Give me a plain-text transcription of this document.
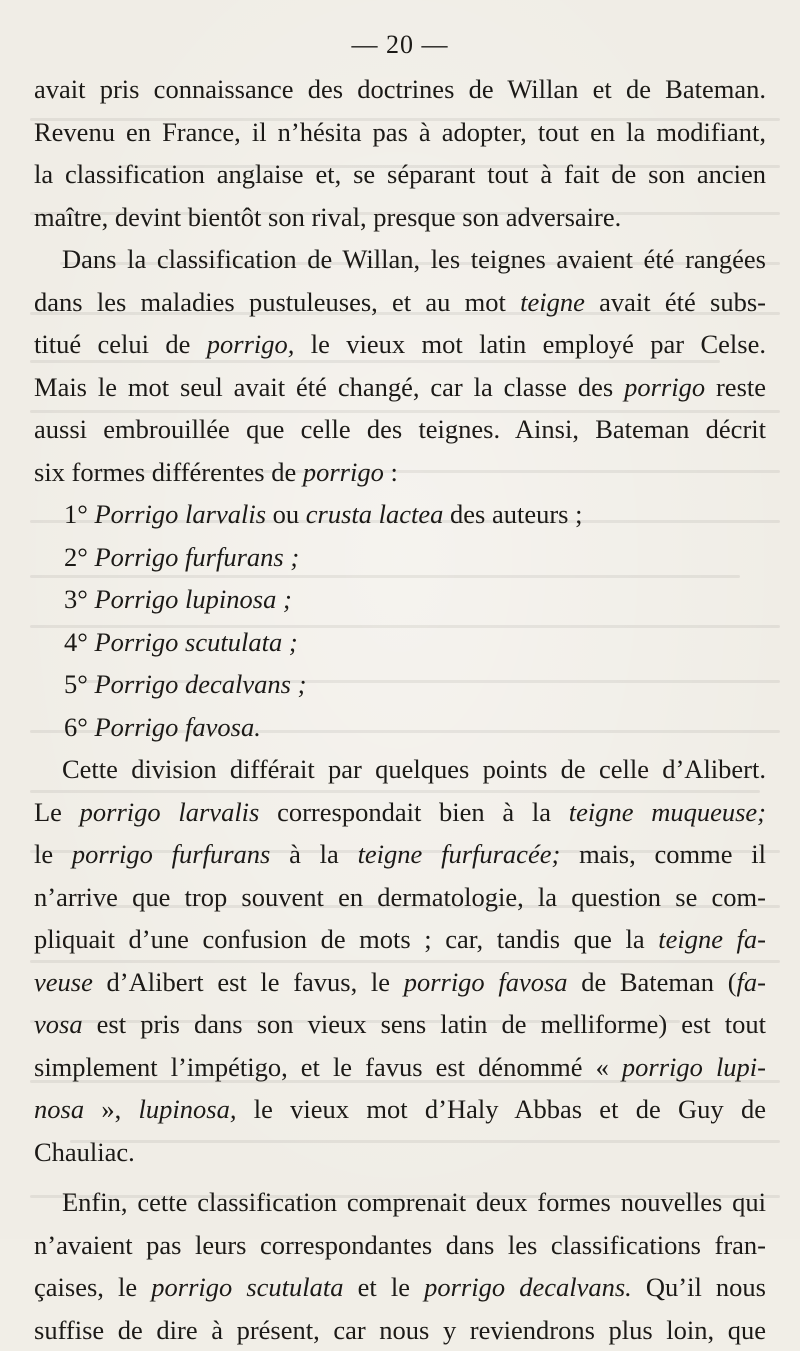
— 20 —
avait pris connaissance des doctrines de Willan et de Bateman.
Revenu en France, il n’hésita pas à adopter, tout en la modifiant,
la classification anglaise et, se séparant tout à fait de son ancien
maître, devint bientôt son rival, presque son adversaire.
Dans la classification de Willan, les teignes avaient été rangées
dans les maladies pustuleuses, et au mot teigne avait été subs-
titué celui de porrigo, le vieux mot latin employé par Celse.
Mais le mot seul avait été changé, car la classe des porrigo reste
aussi embrouillée que celle des teignes. Ainsi, Bateman décrit
six formes différentes de porrigo :
1° Porrigo larvalis ou crusta lactea des auteurs ;
2° Porrigo furfurans ;
3° Porrigo lupinosa ;
4° Porrigo scutulata ;
5° Porrigo decalvans ;
6° Porrigo favosa.
Cette division différait par quelques points de celle d’Alibert.
Le porrigo larvalis correspondait bien à la teigne muqueuse;
le porrigo furfurans à la teigne furfuracée; mais, comme il
n’arrive que trop souvent en dermatologie, la question se com-
pliquait d’une confusion de mots ; car, tandis que la teigne fa-
veuse d’Alibert est le favus, le porrigo favosa de Bateman (fa-
vosa est pris dans son vieux sens latin de melliforme) est tout
simplement l’impétigo, et le favus est dénommé « porrigo lupi-
nosa », lupinosa, le vieux mot d’Haly Abbas et de Guy de
Chauliac.
Enfin, cette classification comprenait deux formes nouvelles qui
n’avaient pas leurs correspondantes dans les classifications fran-
çaises, le porrigo scutulata et le porrigo decalvans. Qu’il nous
suffise de dire à présent, car nous y reviendrons plus loin, que
